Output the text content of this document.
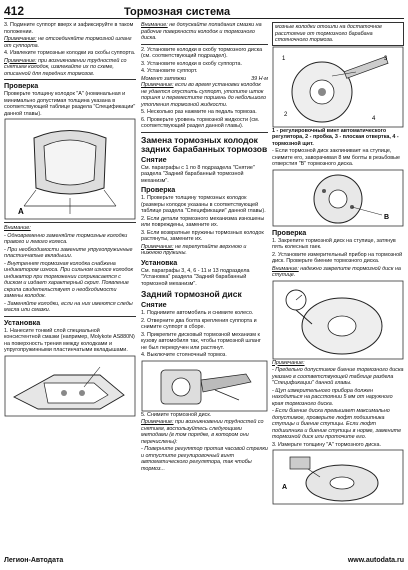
412	Тормозная система

3. Подмните суппорт вверх и зафиксируйте в таком положении.

Примечание: не отсоединяйте тормозной шланг от суппорта.

4. Извлеките тормозные колодки из скобы суппорта.

Примечание: при возникновении трудностей со снятием колодок, извлекайте их по схеме, описанной для передних тормозов.

Проверка

Проверьте толщину колодок "A" (номинальная и минимально допустимая толщина указана в соответствующей таблице раздела "Спецификации" данной главы).

A

Внимание:

- Одновременно заменяйте тормозные колодки правого и левого колеса.

- При необходимости замените упругопружинные пластинчатые вкладыши.

- Внутренняя тормозная колодка снабжена индикатором износа. При сильном износе колодок индикатор при торможении соприкасается с диском и издает характерный скрип. Появление скрипа свидетельствует о необходимости замены колодок.

- Заменяйте колодки, если на них имеются следы масла или смазки.

Установка

1. Нанесите тонкий слой специальной консистентной смазки (например, Molykote AS880N) на поверхность трения между колодками и упругопружинными пластинчатыми вкладышами.

Внимание: не допускайте попадания смазки на рабочие поверхности колодок и тормозного диска.

2. Установите колодки в скобу тормозного диска (см. соответствующий подраздел).

3. Установите колодки в скобу суппорта.

4. Установите суппорт.

Момент затяжки	39 Н·м

Примечание: если во время установки колодок не удается опустить суппорт, утопите шток поршня и переместите поршень до небольшого утопления тормозной жидкости.

5. Несколько раз нажмите на педаль тормоза.

6. Проверьте уровень тормозной жидкости (см. соответствующий раздел данной главы).

Замена тормозных колодок задних барабанных тормозов
Снятие

См. параграфы с 1 по 8 подраздела "Снятие" раздела "Задний барабанный тормозной механизм".

Проверка

1. Проверьте толщину тормозных колодок (размеры колодок указаны в соответствующей таблице раздела "Спецификации" данной главы).

2. Если детали тормозного механизма изношены или повреждены, замените их.

3. Если возвратные пружины тормозных колодок растянуты, замените их.

Примечание: не перепутайте верхнюю и нижнюю пружины.

Установка

См. параграфы 3, 4, 6 - 11 и 13 подраздела "Установка" раздела "Задний барабанный тормозной механизм".

Задний тормозной диск
Снятие

1. Поднимите автомобиль и снимите колесо.

2. Отверните два болта крепления суппорта и снимите суппорт в сборе.

3. Прикрепите дисковый тормозной механизм к кузову автомобиля так, чтобы тормозной шланг не был перекручен или растянут.

4. Выключите стояночный тормоз.

5. Снимите тормозной диск.

Примечание: при возникновении трудностей со снятием, воспользуйтесь следующими методами (в том порядке, в котором они перечислены):

- Поверните регулятор против часовой стрелки и отпустите регулировочный винт автоматического регулятора, так чтобы тормоз...

мозные колодки отошли на достаточное расстояние от тормозного барабана стояночного тормоза.
1
2
3
4

1 - регулировочный винт автоматического регулятора, 2 - пробка, 3 - плоская отвертка, 4 - тормозной щит.

- Если тормозной диск заклинивает на ступице, снимите его, заворачивая 8 мм болты в резьбовые отверстия "B" тормозного диска.

B
Проверка

1. Закрепите тормозной диск на ступице, затянув пять колесных гаек.

2. Установите измерительный прибор на тормозной диск. Проверьте биение тормозного диска.

Внимание: надежно закрепите тормозной диск на ступице.

Примечание:

- Предельно допустимое биение тормозного диска указано в соответствующей таблице раздела "Спецификации" данной главы.

- Щуп измерительного прибора должен находиться на расстоянии 5 мм от наружного края тормозного диска.

- Если биение диска превышает максимально допустимое, проверьте люфт подшипника ступицы и биение ступицы. Если люфт подшипника и биение ступицы в норме, замените тормозной диск или проточите его.

3. Измерьте толщину "A" тормозного диска.

A
Легион-Автодата	www.autodata.ru
